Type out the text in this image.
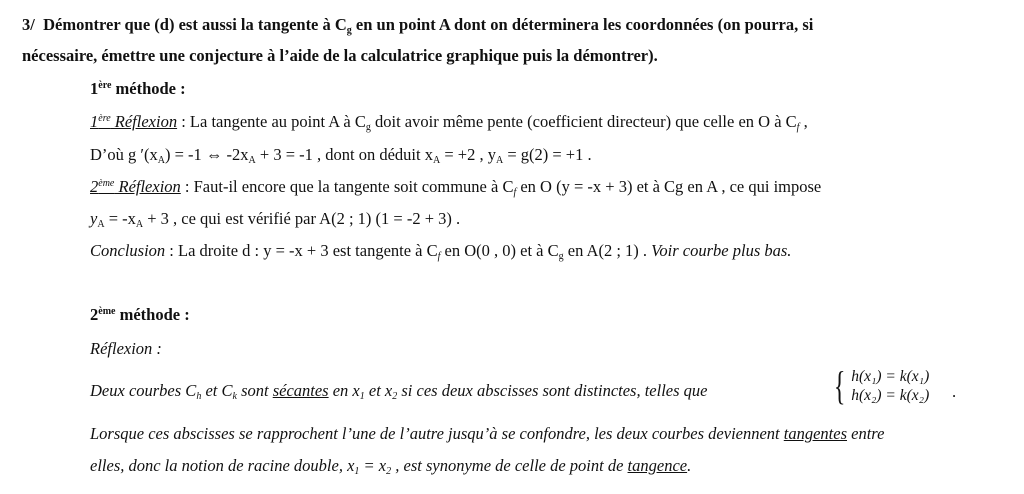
3/ Démontrer que (d) est aussi la tangente à $C_g$ en un point A dont on déterminera les coordonnées (on pourra, si
nécessaire, émettre une conjecture à l’aide de la calculatrice graphique puis la démontrer).
1ère méthode :
1ère Réflexion : La tangente au point A à $C_g$ doit avoir même pente (coefficient directeur) que celle en O à $C_f$ ,
D’où g $'(x_A) = -1$ ⇔ $-2x_A + 3 = -1$ , dont on déduit $x_A = +2$ , $y_A = g(2) = +1$ .
2ème Réflexion : Faut-il encore que la tangente soit commune à $C_f$ en O (y = -x + 3) et à Cg en A , ce qui impose
$y_A = -x_A + 3$ , ce qui est vérifié par A(2 ; 1) (1 = -2 + 3) .
Conclusion : La droite d : y = -x + 3 est tangente à $C_f$ en O(0 , 0) et à $C_g$ en A(2 ; 1) . Voir courbe plus bas.
2ème méthode :
Réflexion :
Deux courbes $C_h$ et $C_k$ sont sécantes en $x_1$ et $x_2$ si ces deux abscisses sont distinctes, telles que	{ h(x₁) = k(x₁)
h(x₂) = k(x₂) .
Lorsque ces abscisses se rapprochent l’une de l’autre jusqu’à se confondre, les deux courbes deviennent tangentes entre
elles, donc la notion de racine double, $x_1 = x_2$ , est synonyme de celle de point de tangence.
